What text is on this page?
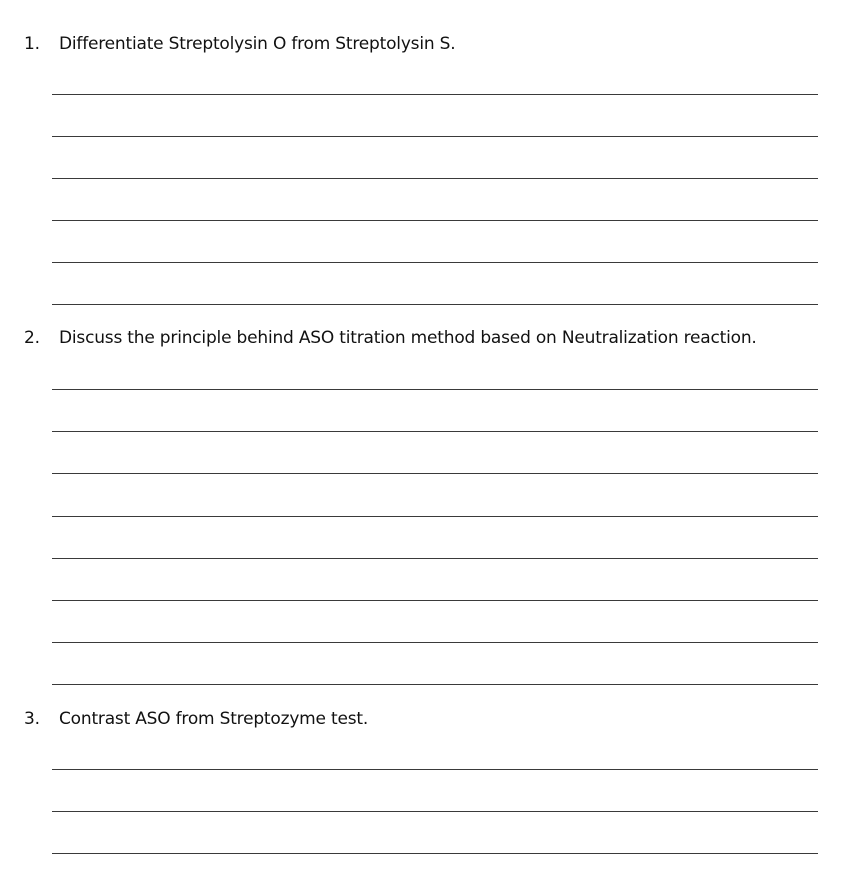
1. Differentiate Streptolysin O from Streptolysin S.
2. Discuss the principle behind ASO titration method based on Neutralization reaction.
3. Contrast ASO from Streptozyme test.
